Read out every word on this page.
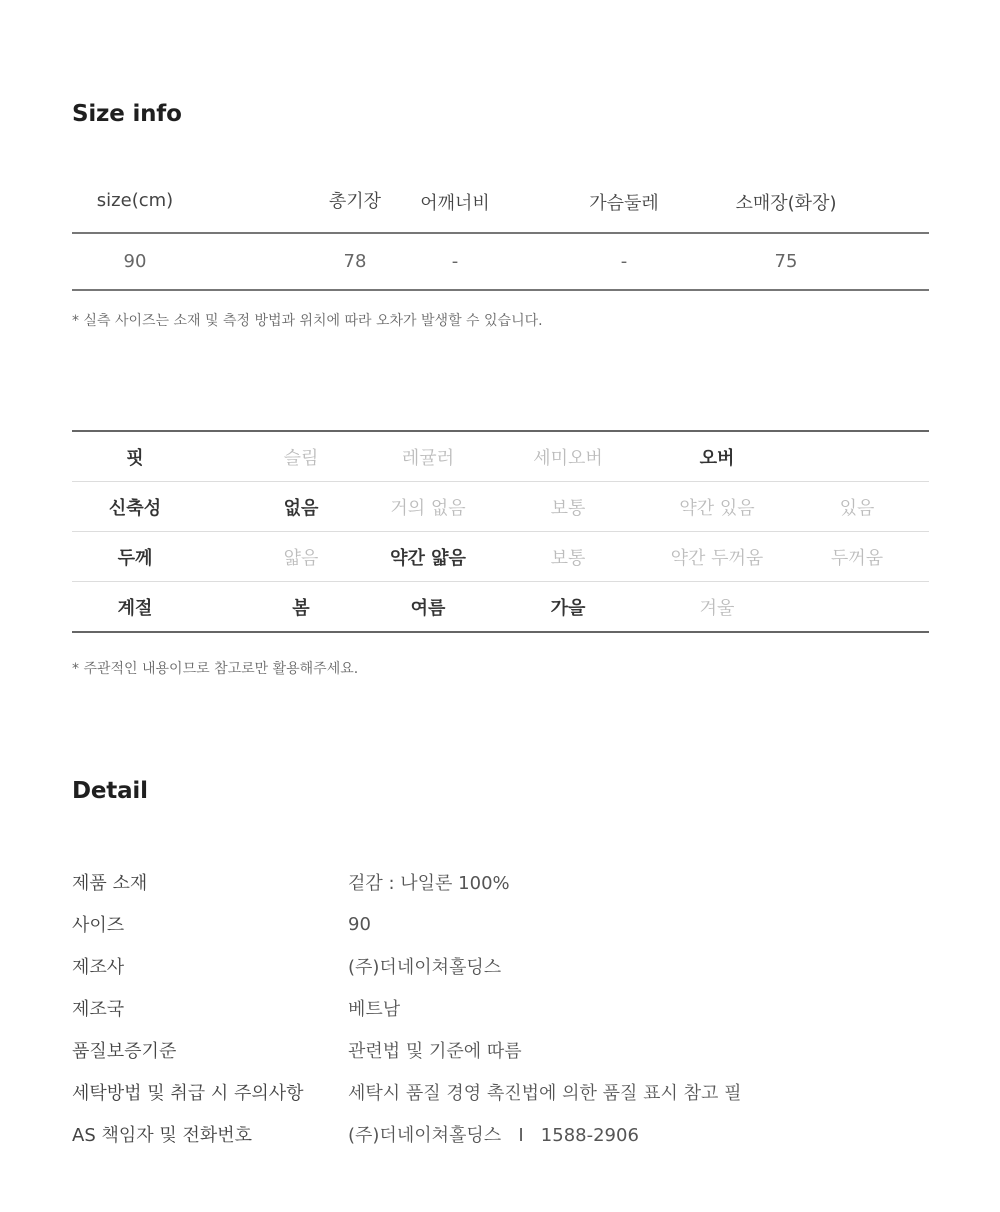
Size info
size(cm)	총기장	어깨너비	가슴둘레	소매장(화장)
90	78	-	-	75

* 실측 사이즈는 소재 및 측정 방법과 위치에 따라 오차가 발생할 수 있습니다.

핏	슬림	레귤러	세미오버	오버
신축성	없음	거의 없음	보통	약간 있음	있음
두께	얇음	약간 얇음	보통	약간 두꺼움	두꺼움
계절	봄	여름	가을	겨울

* 주관적인 내용이므로 참고로만 활용해주세요.

Detail
제품 소재	겉감 : 나일론 100%
사이즈	90
제조사	(주)더네이쳐홀딩스
제조국	베트남
품질보증기준	관련법 및 기준에 따름
세탁방법 및 취급 시 주의사항	세탁시 품질 경영 촉진법에 의한 품질 표시 참고 필
AS 책임자 및 전화번호	(주)더네이쳐홀딩스   I   1588-2906
